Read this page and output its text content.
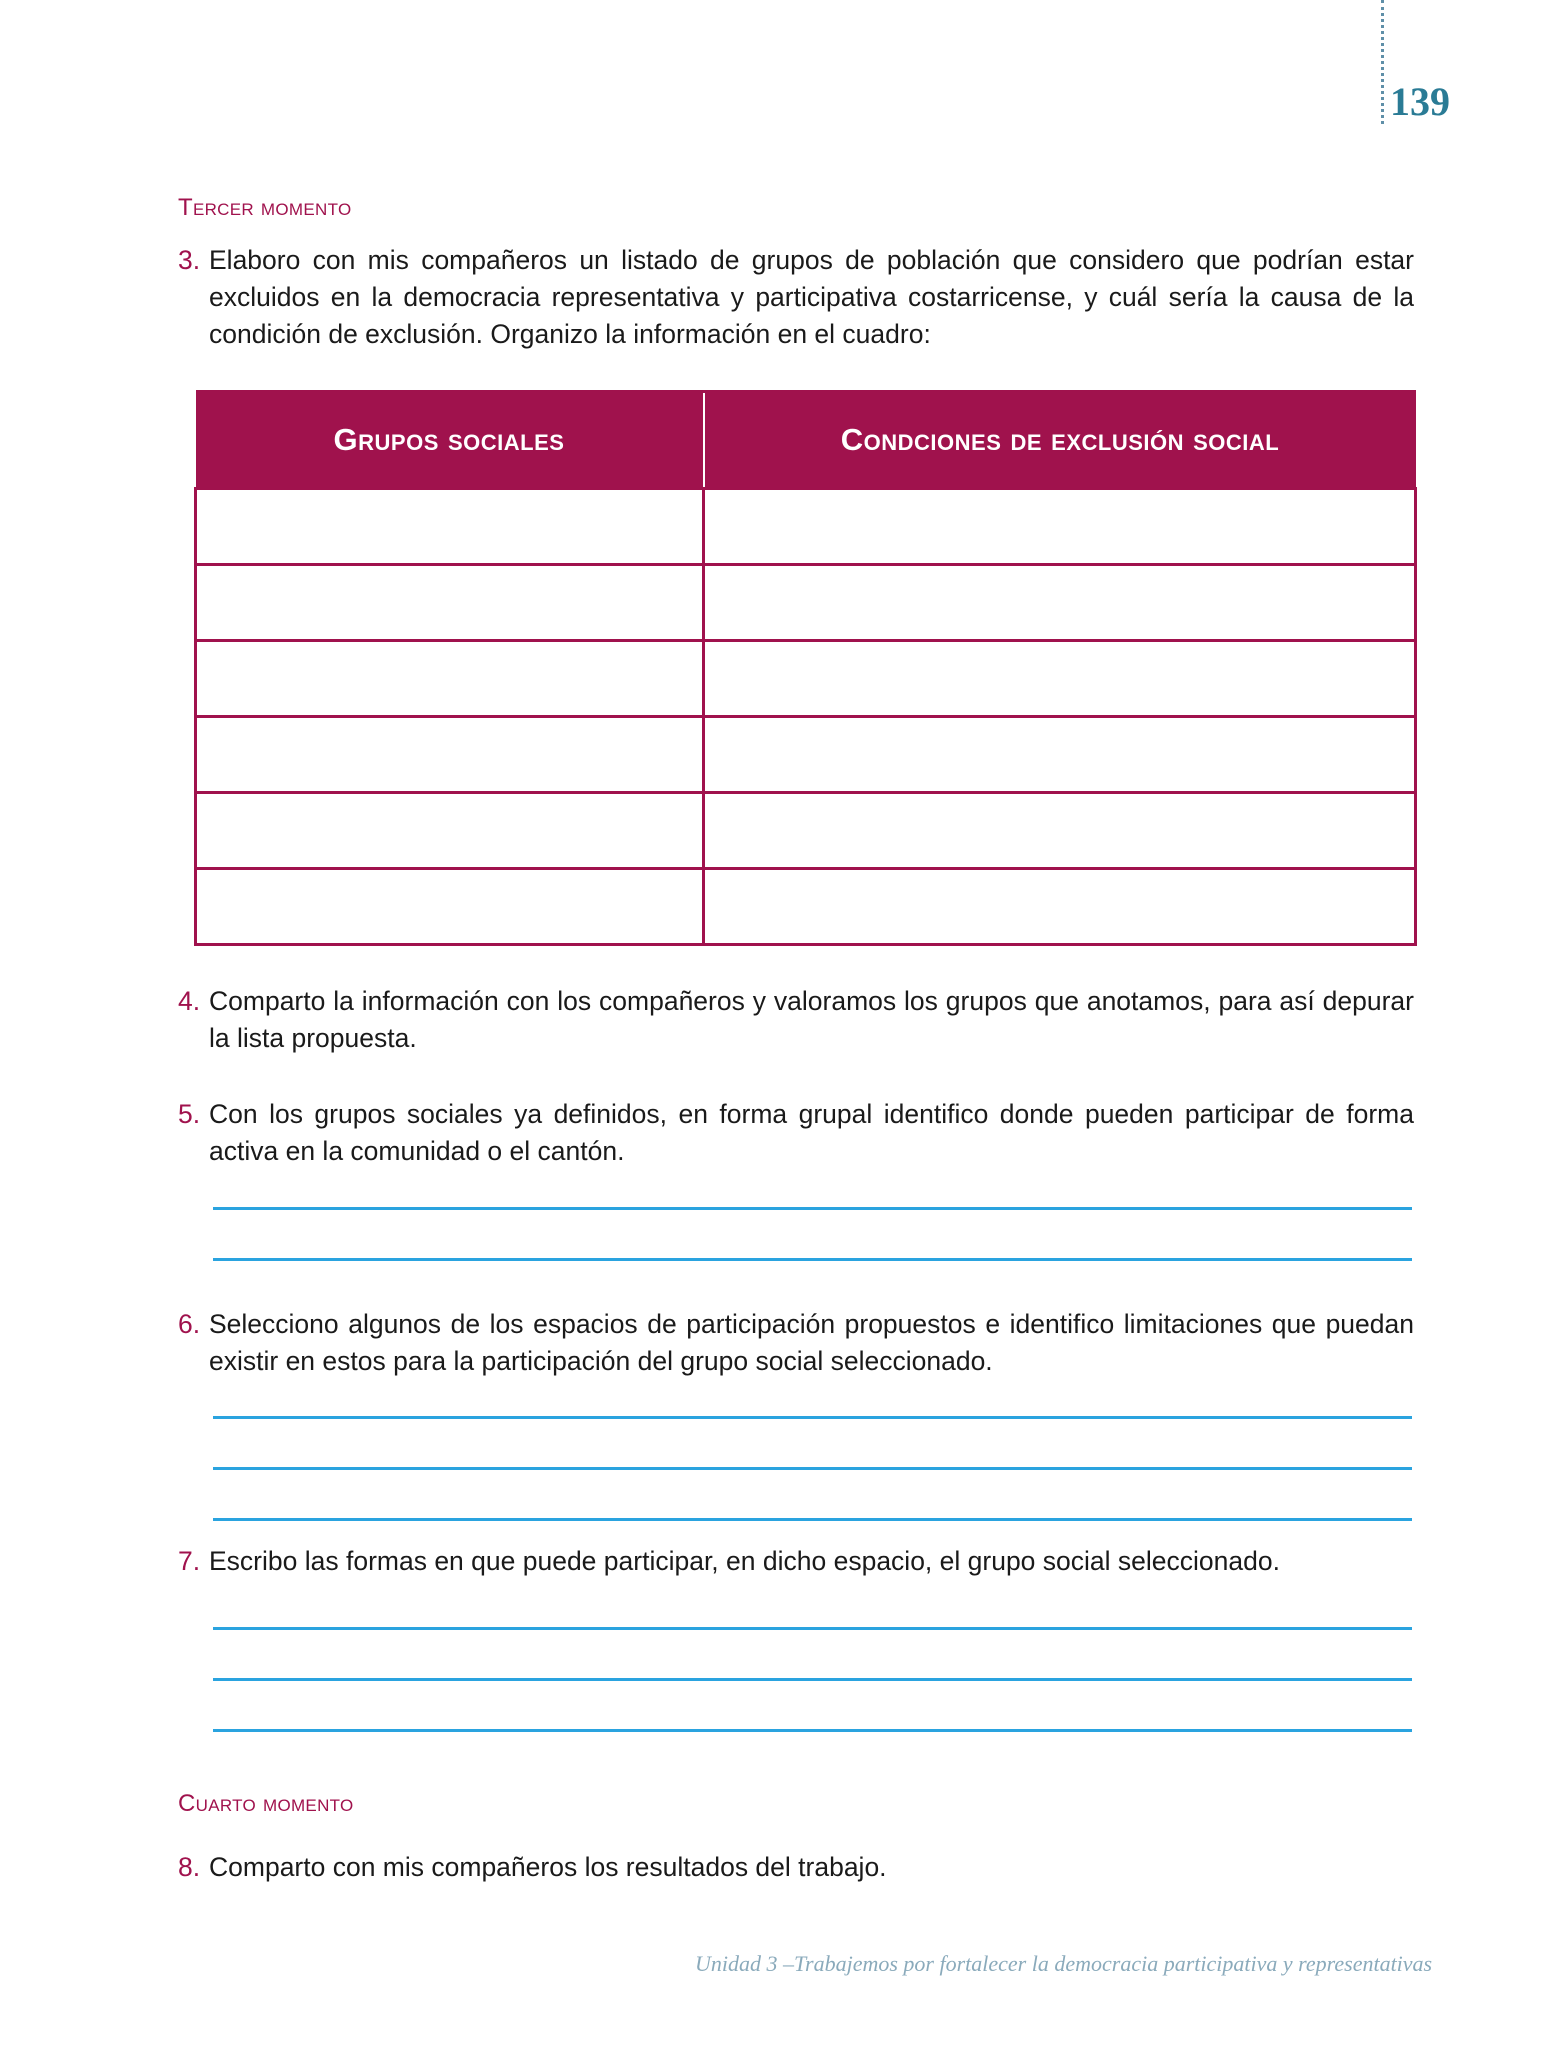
139
Tercer momento
3. Elaboro con mis compañeros un listado de grupos de población que considero que podrían estar excluidos en la democracia representativa y participativa costarricense, y cuál sería la causa de la condición de exclusión. Organizo la información en el cuadro:
Grupos sociales	Condciones de exclusión social

4. Comparto la información con los compañeros y valoramos los grupos que anotamos, para así depurar la lista propuesta.
5. Con los grupos sociales ya definidos, en forma grupal identifico donde pueden participar de forma activa en la comunidad o el cantón.
6. Selecciono algunos de los espacios de participación propuestos e identifico limitaciones que puedan existir en estos para la participación del grupo social seleccionado.
7. Escribo las formas en que puede participar, en dicho espacio, el grupo social seleccionado.
Cuarto momento
8. Comparto con mis compañeros los resultados del trabajo.
Unidad 3 –Trabajemos por fortalecer la democracia participativa y representativas
